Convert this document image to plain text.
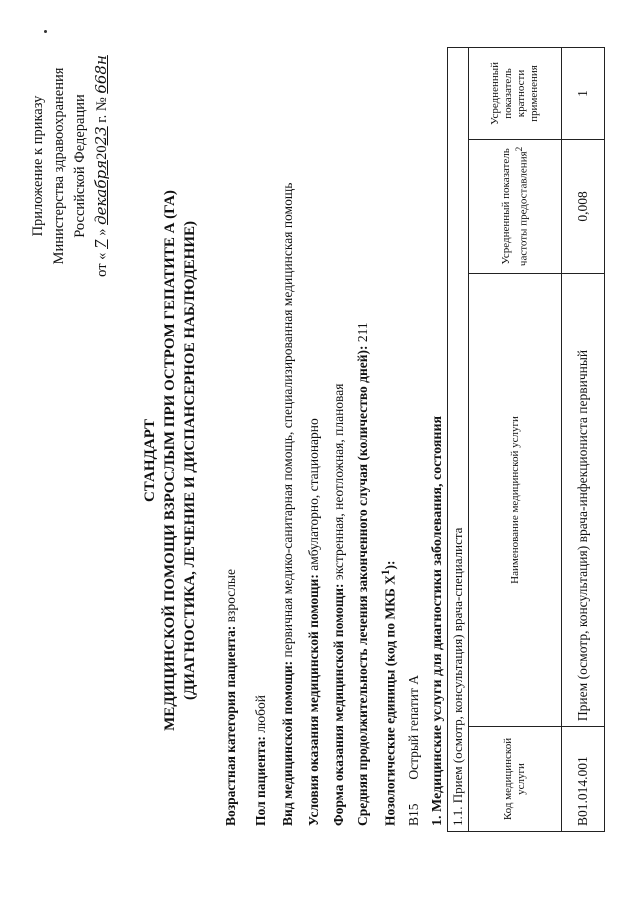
Приложение к приказу Министерства здравоохранения Российской Федерации
от « 7 » декабря2023 г. № 668н
СТАНДАРТ МЕДИЦИНСКОЙ ПОМОЩИ ВЗРОСЛЫМ ПРИ ОСТРОМ ГЕПАТИТЕ А (ГА) (ДИАГНОСТИКА, ЛЕЧЕНИЕ И ДИСПАНСЕРНОЕ НАБЛЮДЕНИЕ)
Возрастная категория пациента: взрослые
Пол пациента: любой Вид медицинской помощи: первичная медико-санитарная помощь, специализированная медицинская помощь
Условия оказания медицинской помощи: амбулаторно, стационарно
Форма оказания медицинской помощи: экстренная, неотложная, плановая Средняя продолжительность лечения законченного случая (количество дней): 211
Нозологические единицы (код по МКБ $X^1$):
B15 Острый гепатит А 1. Медицинские услуги для диагностики заболевания, состояния 1.1. Прием (осмотр, консультация) врача-специалиста			
Код медицинской услуги	Наименование медицинской услуги	Усредненный показатель частоты предоставления$^2$	Усредненный показатель кратности применения
B01.014.001	Прием (осмотр, консультация) врача-инфекциониста первичный	0,008	1
